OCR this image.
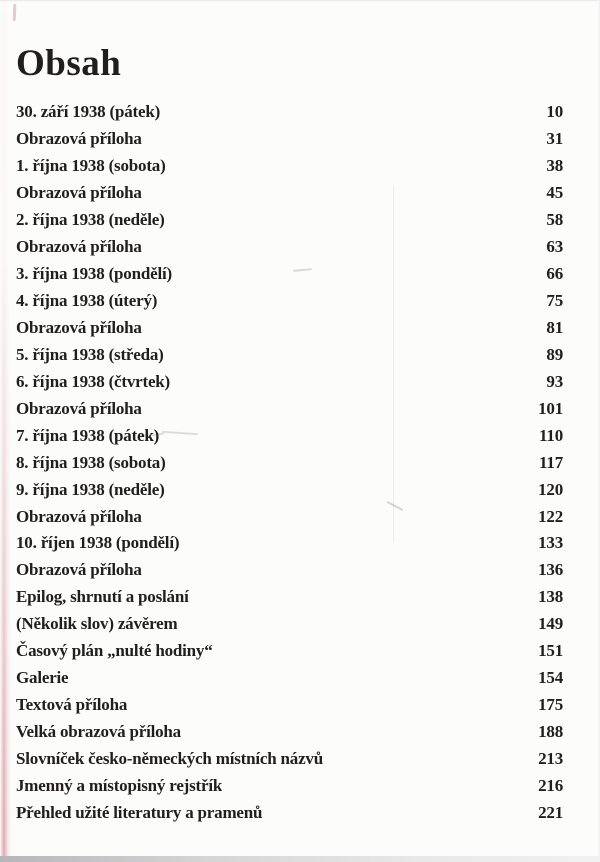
Obsah
30. září 1938 (pátek)	10
Obrazová příloha	31
1. října 1938 (sobota)	38
Obrazová příloha	45
2. října 1938 (neděle)	58
Obrazová příloha	63
3. října 1938 (pondělí)	66
4. října 1938 (úterý)	75
Obrazová příloha	81
5. října 1938 (středa)	89
6. října 1938 (čtvrtek)	93
Obrazová příloha	101
7. října 1938 (pátek)	110
8. října 1938 (sobota)	117
9. října 1938 (neděle)	120
Obrazová příloha	122
10. říjen 1938 (pondělí)	133
Obrazová příloha	136
Epilog, shrnutí a poslání	138
(Několik slov) závěrem	149
Časový plán „nulté hodiny“	151
Galerie	154
Textová příloha	175
Velká obrazová příloha	188
Slovníček česko-německých místních názvů	213
Jmenný a místopisný rejstřík	216
Přehled užité literatury a pramenů	221
